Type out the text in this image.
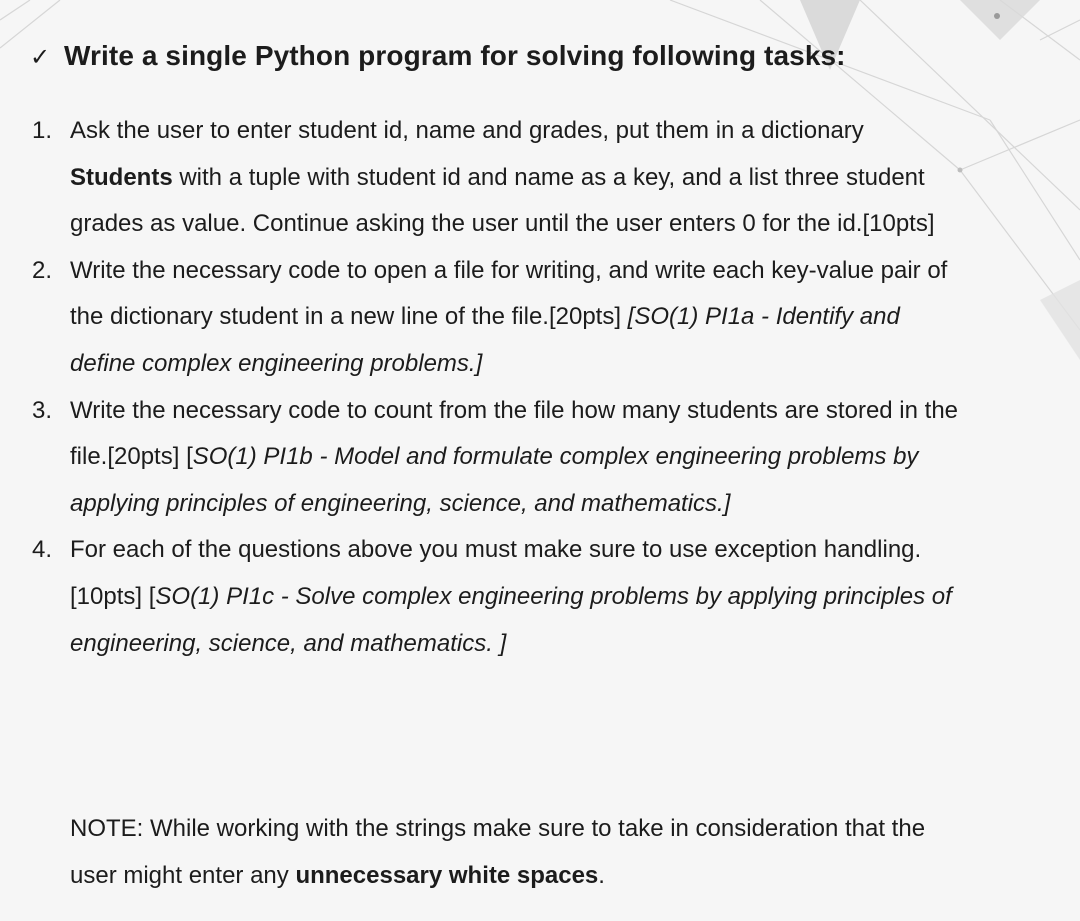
✓ Write a single Python program for solving following tasks:
1. Ask the user to enter student id, name and grades, put them in a dictionary Students with a tuple with student id and name as a key, and a list three student grades as value. Continue asking the user until the user enters 0 for the id.[10pts]
2. Write the necessary code to open a file for writing, and write each key-value pair of the dictionary student in a new line of the file.[20pts] [SO(1) PI1a - Identify and define complex engineering problems.]
3. Write the necessary code to count from the file how many students are stored in the file.[20pts] [SO(1) PI1b - Model and formulate complex engineering problems by applying principles of engineering, science, and mathematics.]
4. For each of the questions above you must make sure to use exception handling.[10pts] [SO(1) PI1c - Solve complex engineering problems by applying principles of engineering, science, and mathematics. ]
NOTE: While working with the strings make sure to take in consideration that the user might enter any unnecessary white spaces.
